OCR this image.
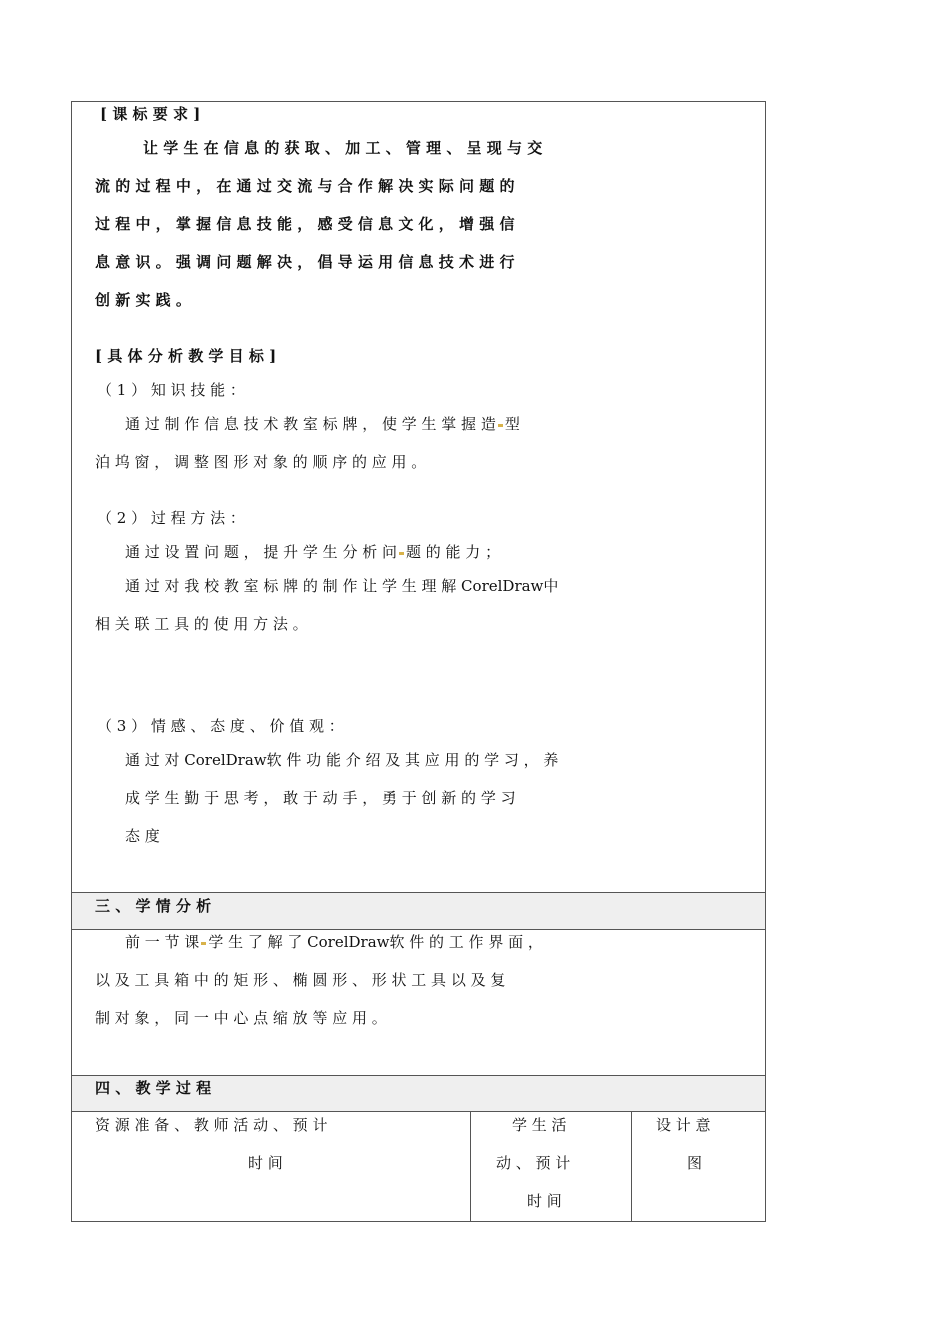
[ 课 标 要 求 ]
让 学 生 在 信 息 的 获 取 、 加 工 、 管 理 、 呈 现 与 交
流 的 过 程 中 ， 在 通 过 交 流 与 合 作 解 决 实 际 问 题 的
过 程 中 ， 掌 握 信 息 技 能 ， 感 受 信 息 文 化 ， 增 强 信
息 意 识 。 强 调 问 题 解 决 ， 倡 导 运 用 信 息 技 术 进 行
创 新 实 践 。
[ 具 体 分 析 教 学 目 标 ]
（ 1 ） 知 识 技 能 ：
通 过 制 作 信 息 技 术 教 室 标 牌 ， 使 学 生 掌 握 造 型
泊 坞 窗 ， 调 整 图 形 对 象 的 顺 序 的 应 用 。
（ 2 ） 过 程 方 法 ：
通 过 设 置 问 题 ， 提 升 学 生 分 析 问 题 的 能 力 ；
通 过 对 我 校 教 室 标 牌 的 制 作 让 学 生 理 解 CorelDraw中
相 关 联 工 具 的 使 用 方 法 。
（ 3 ） 情 感 、 态 度 、 价 值 观 ：
通 过 对 CorelDraw软 件 功 能 介 绍 及 其 应 用 的 学 习 ， 养
成 学 生 勤 于 思 考 ， 敢 于 动 手 ， 勇 于 创 新 的 学 习
态 度
三 、 学 情 分 析
前 一 节 课 学 生 了 解 了 CorelDraw软 件 的 工 作 界 面 ，
以 及 工 具 箱 中 的 矩 形 、 椭 圆 形 、 形 状 工 具 以 及 复
制 对 象 ， 同 一 中 心 点 缩 放 等 应 用 。
四 、 教 学 过 程
资 源 准 备 、 教 师 活 动 、 预 计
时 间
学 生 活
动 、 预 计
时 间
设 计 意
图
